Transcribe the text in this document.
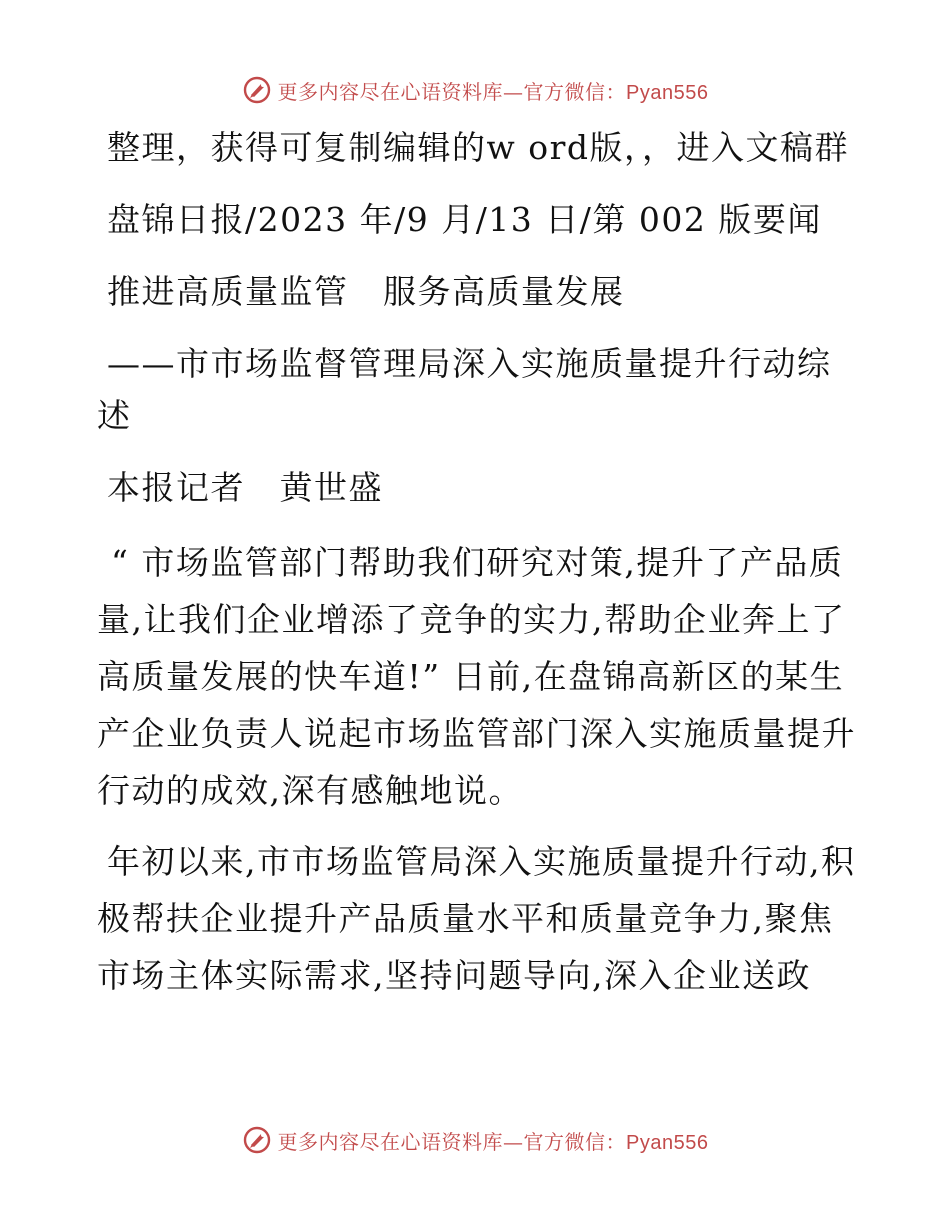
更多内容尽在心语资料库—官方微信：Pyan556

整理，获得可复制编辑的w ord版，，进入文稿群

盘锦日报/2023 年/9 月/13 日/第 002 版要闻

推进高质量监管　服务高质量发展

——市市场监督管理局深入实施质量提升行动综述

本报记者　黄世盛

“ 市场监管部门帮助我们研究对策,提升了产品质量,让我们企业增添了竞争的实力,帮助企业奔上了高质量发展的快车道!” 日前,在盘锦高新区的某生产企业负责人说起市场监管部门深入实施质量提升行动的成效,深有感触地说。

年初以来,市市场监管局深入实施质量提升行动,积极帮扶企业提升产品质量水平和质量竞争力,聚焦市场主体实际需求,坚持问题导向,深入企业送政

更多内容尽在心语资料库—官方微信：Pyan556
